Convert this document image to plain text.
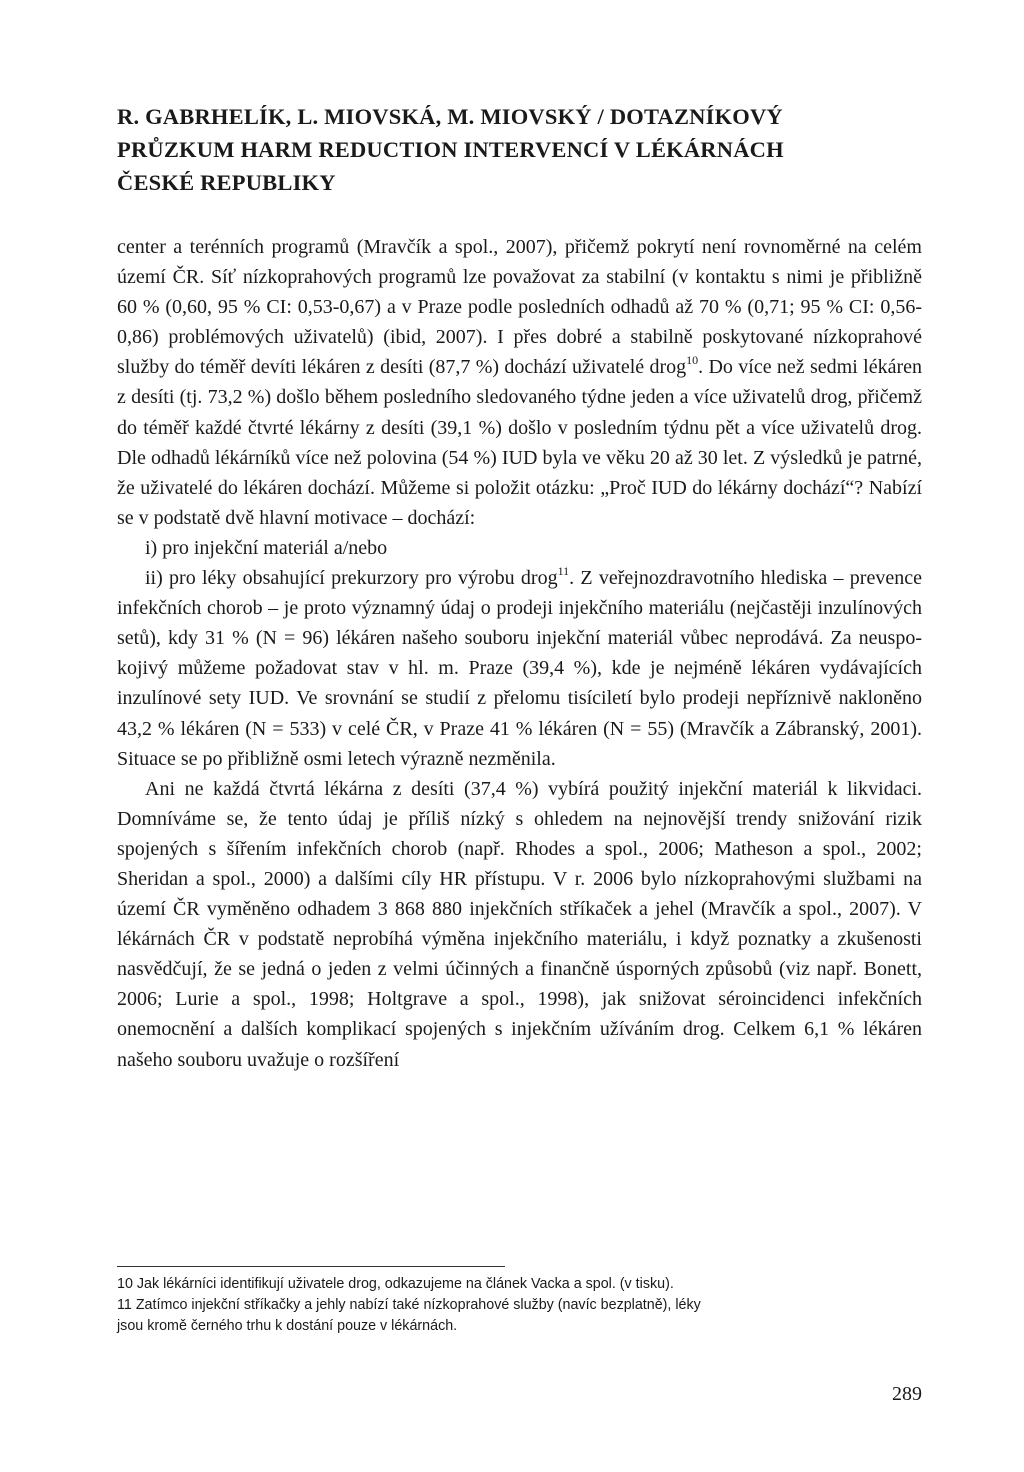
R. GABRHELÍK, L. MIOVSKÁ, M. MIOVSKÝ / DOTAZNÍKOVÝ
PRŮZKUM HARM REDUCTION INTERVENCÍ V LÉKÁRNÁCH
ČESKÉ REPUBLIKY

center a terénních programů (Mravčík a spol., 2007), přičemž pokrytí není rovnoměrné na celém území ČR. Síť nízkoprahových programů lze považovat za stabilní (v kontaktu s nimi je přibližně 60 % (0,60, 95 % CI: 0,53-0,67) a v Praze podle posledních odhadů až 70 % (0,71; 95 % CI: 0,56-0,86) problémových uživatelů) (ibid, 2007). I přes dobré a stabilně poskytované nízkoprahové služby do téměř devíti lékáren z desíti (87,7 %) dochází uživatelé drog$^{10}$. Do více než sedmi lékáren z desíti (tj. 73,2 %) došlo během posledního sledovaného týdne jeden a více uživatelů drog, přičemž do téměř každé čtvrté lékárny z desíti (39,1 %) došlo v posledním týdnu pět a více uživatelů drog. Dle odhadů lékárníků více než polovina (54 %) IUD byla ve věku 20 až 30 let. Z výsledků je patrné, že uživatelé do lékáren dochází. Můžeme si položit otázku: „Proč IUD do lékárny dochází“? Nabízí se v podstatě dvě hlavní motivace – dochází:

i) pro injekční materiál a/nebo

ii) pro léky obsahující prekurzory pro výrobu drog$^{11}$. Z veřejnozdravotního hlediska – prevence infekčních chorob – je proto významný údaj o prodeji injekčního materiálu (nejčastěji inzulínových setů), kdy 31 % (N = 96) lékáren našeho souboru injekční materiál vůbec neprodává. Za neuspokojivý můžeme požadovat stav v hl. m. Praze (39,4 %), kde je nejméně lékáren vydávajících inzulínové sety IUD. Ve srovnání se studií z přelomu tisíciletí bylo prodeji nepříznivě nakloněno 43,2 % lékáren (N = 533) v celé ČR, v Praze 41 % lékáren (N = 55) (Mravčík a Zábranský, 2001). Situace se po přibližně osmi letech výrazně nezměnila.

Ani ne každá čtvrtá lékárna z desíti (37,4 %) vybírá použitý injekční materiál k likvidaci. Domníváme se, že tento údaj je příliš nízký s ohledem na nejnovější trendy snižování rizik spojených s šířením infekčních chorob (např. Rhodes a spol., 2006; Matheson a spol., 2002; Sheridan a spol., 2000) a dalšími cíly HR přístupu. V r. 2006 bylo nízkoprahovými službami na území ČR vyměněno odhadem 3 868 880 injekčních stříkaček a jehel (Mravčík a spol., 2007). V lékárnách ČR v podstatě neprobíhá výměna injekčního materiálu, i když poznatky a zkušenosti nasvědčují, že se jedná o jeden z velmi účinných a finančně úsporných způsobů (viz např. Bonett, 2006; Lurie a spol., 1998; Holtgrave a spol., 1998), jak snižovat séroincidenci infekčních onemocnění a dalších komplikací spojených s injekčním užíváním drog. Celkem 6,1 % lékáren našeho souboru uvažuje o rozšíření

10 Jak lékárníci identifikují uživatele drog, odkazujeme na článek Vacka a spol. (v tisku).

11 Zatímco injekční stříkačky a jehly nabízí také nízkoprahové služby (navíc bezplatně), léky

jsou kromě černého trhu k dostání pouze v lékárnách.

289
